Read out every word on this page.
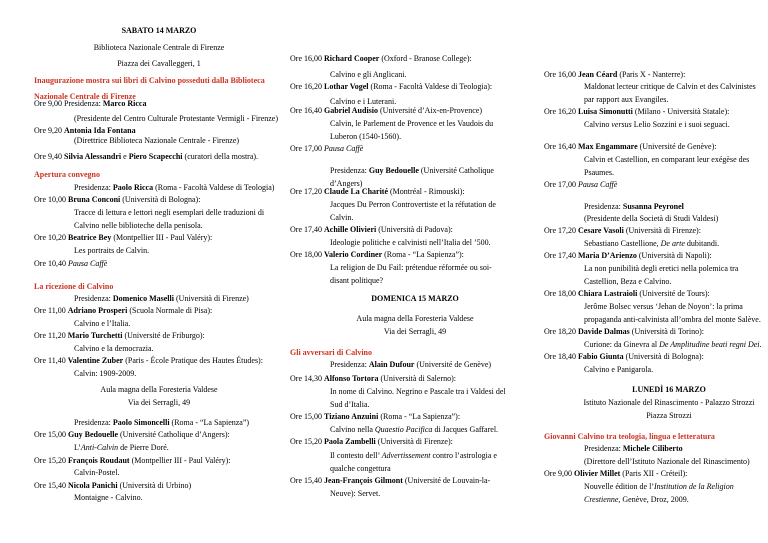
SABATO 14 MARZO
Biblioteca Nazionale Centrale di Firenze
Piazza dei Cavalleggeri, 1
Inaugurazione mostra sui libri di Calvino posseduti dalla Biblioteca
Nazionale Centrale di Firenze
Ore 9,00 Presidenza: Marco Ricca
(Presidente del Centro Culturale Protestante Vermigli - Firenze)
Ore 9,20 Antonia Ida Fontana
(Direttrice Biblioteca Nazionale Centrale - Firenze)
Ore 9,40 Silvia Alessandri e Piero Scapecchi (curatori della mostra).
Apertura convegno
Presidenza: Paolo Ricca (Roma - Facoltà Valdese di Teologia)
Ore 10,00 Bruna Conconi (Università di Bologna):
Tracce di lettura e lettori negli esemplari delle traduzioni di
Calvino nelle biblioteche della penisola.
Ore 10,20 Beatrice Bey (Montpellier III - Paul Valéry):
Les portraits de Calvin.
Ore 10,40 Pausa Caffè
La ricezione di Calvino
Presidenza: Domenico Maselli (Università di Firenze)
Ore 11,00 Adriano Prosperi (Scuola Normale di Pisa):
Calvino e l’Italia.
Ore 11,20 Mario Turchetti (Université de Friburgo):
Calvino e la democrazia.
Ore 11,40 Valentine Zuber (Paris - École Pratique des Hautes Études):
Calvin: 1909-2009.
Aula magna della Foresteria Valdese
Via dei Serragli, 49
Presidenza: Paolo Simoncelli (Roma - “La Sapienza”)
Ore 15,00 Guy Bedouelle (Université Catholique d’Angers):
L’Anti-Calvin de Pierre Doré.
Ore 15,20 François Roudaut (Montpellier III - Paul Valéry):
Calvin-Postel.
Ore 15,40 Nicola Panichi (Università di Urbino)
Montaigne - Calvino.
Ore 16,00 Richard Cooper (Oxford - Branose College):
Calvino e gli Anglicani.
Ore 16,20 Lothar Vogel (Roma - Facoltà Valdese di Teologia):
Calvino e i Luterani.
Ore 16,40 Gabriel Audisio (Université d’Aix-en-Provence)
Calvin, le Parlement de Provence et les Vaudois du
Luberon (1540-1560).
Ore 17,00 Pausa Caffè
Presidenza: Guy Bedouelle (Université Catholique
d’Angers)
Ore 17,20 Claude La Charité (Montréal - Rimouski):
Jacques Du Perron Controvertiste et la réfutation de
Calvin.
Ore 17,40 Achille Olivieri (Università di Padova):
Ideologie politiche e calvinisti nell’Italia del ’500.
Ore 18,00 Valerio Cordiner (Roma - “La Sapienza”):
La religion de Du Fail: prétendue réformée ou soi-
disant politique?
DOMENICA 15 MARZO
Aula magna della Foresteria Valdese
Via dei Serragli, 49
Gli avversari di Calvino
Presidenza: Alain Dufour (Université de Genève)
Ore 14,30 Alfonso Tortora (Università di Salerno):
In nome di Calvino. Negrino e Pascale tra i Valdesi del
Sud d’Italia.
Ore 15,00 Tiziano Anzuini (Roma - “La Sapienza”):
Calvino nella Quaestio Pacifica di Jacques Gaffarel.
Ore 15,20 Paola Zambelli (Università di Firenze):
Il contesto dell’ Advertissement contro l’astrologia e
qualche congettura
Ore 15,40 Jean-François Gilmont (Université de Louvain-la-
Neuve): Servet.
Ore 16,00 Jean Céard (Paris X - Nanterre):
Maldonat lecteur critique de Calvin et des Calvinistes
par rapport aux Evangiles.
Ore 16,20 Luisa Simonutti (Milano - Università Statale):
Calvino versus Lelio Sozzini e i suoi seguaci.
Ore 16,40 Max Engammare (Université de Genève):
Calvin et Castellion, en comparant leur exégèse des
Psaumes.
Ore 17,00 Pausa Caffè
Presidenza: Susanna Peyronel
(Presidente della Società di Studi Valdesi)
Ore 17,20 Cesare Vasoli (Università di Firenze):
Sebastiano Castellione, De arte dubitandi.
Ore 17,40 Maria D’Arienzo (Università di Napoli):
La non punibilità degli eretici nella polemica tra
Castellion, Beza e Calvino.
Ore 18,00 Chiara Lastraioli (Université de Tours):
Jerôme Bolsec versus ‘Jehan de Noyon’: la prima
propaganda anti-calvinista all’ombra del monte Salève.
Ore 18,20 Davide Dalmas (Università di Torino):
Curione: da Ginevra al De Amplitudine beati regni Dei.
Ore 18,40 Fabio Giunta (Università di Bologna):
Calvino e Panigarola.
LUNEDÌ 16 MARZO
Istituto Nazionale del Rinascimento - Palazzo Strozzi
Piazza Strozzi
Giovanni Calvino tra teologia, lingua e letteratura
Presidenza: Michele Ciliberto
(Direttore dell’Istituto Nazionale del Rinascimento)
Ore 9,00 Olivier Millet (Paris XII - Créteil):
Nouvelle édition de l’Institution de la Religion
Crestienne, Genève, Droz, 2009.
